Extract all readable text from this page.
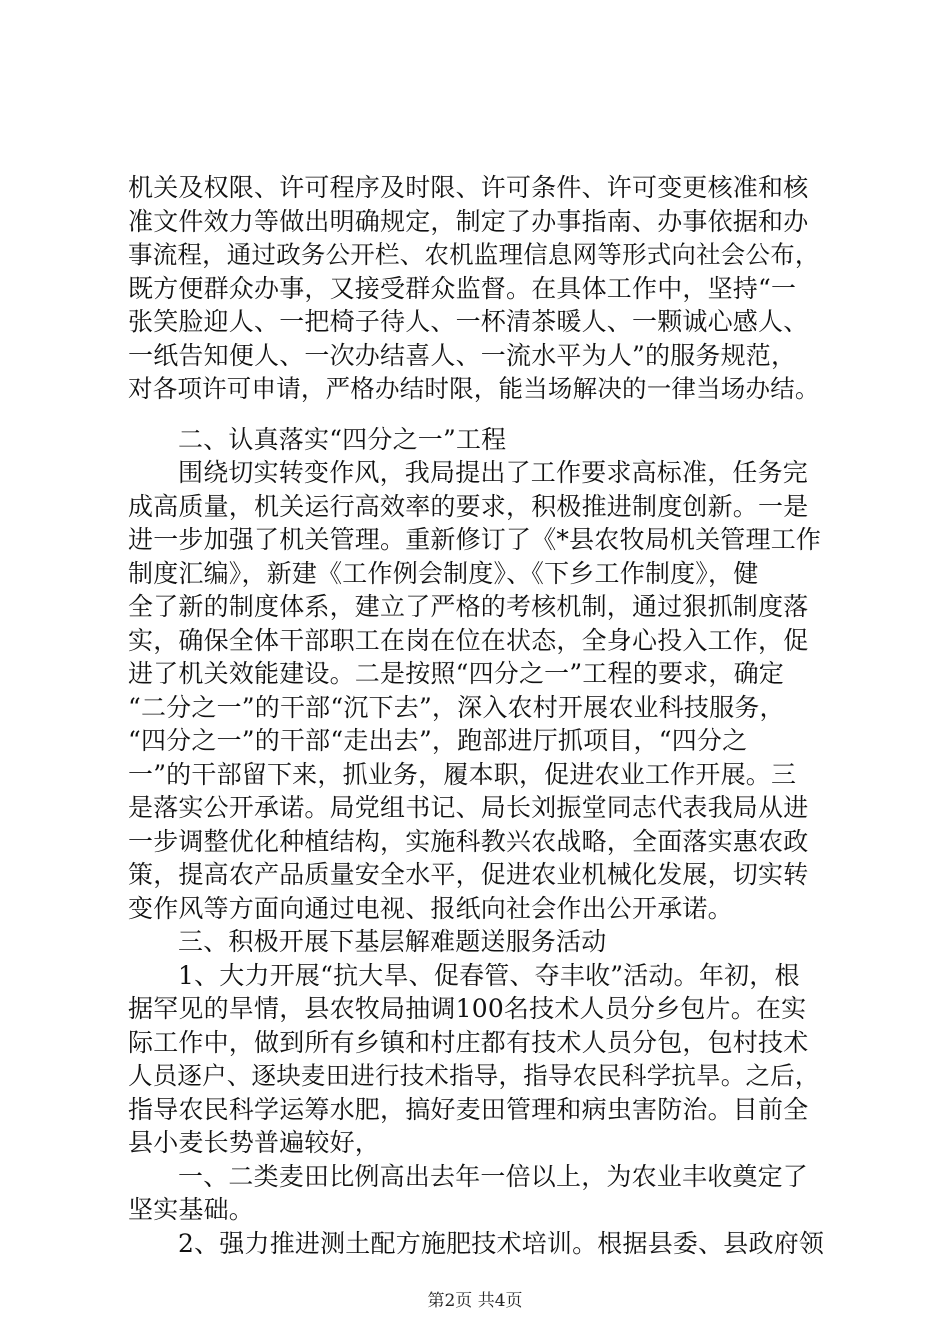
机关及权限、许可程序及时限、许可条件、许可变更核准和核
准文件效力等做出明确规定，制定了办事指南、办事依据和办
事流程，通过政务公开栏、农机监理信息网等形式向社会公布，
既方便群众办事，又接受群众监督。在具体工作中，坚持“一
张笑脸迎人、一把椅子待人、一杯清茶暖人、一颗诚心感人、
一纸告知便人、一次办结喜人、一流水平为人”的服务规范，
对各项许可申请，严格办结时限，能当场解决的一律当场办结。
二、认真落实“四分之一”工程
围绕切实转变作风，我局提出了工作要求高标准，任务完
成高质量，机关运行高效率的要求，积极推进制度创新。一是
进一步加强了机关管理。重新修订了《*县农牧局机关管理工作
制度汇编》，新建《工作例会制度》、《下乡工作制度》，健
全了新的制度体系，建立了严格的考核机制，通过狠抓制度落
实，确保全体干部职工在岗在位在状态，全身心投入工作，促
进了机关效能建设。二是按照“四分之一”工程的要求，确定
“二分之一”的干部“沉下去”，深入农村开展农业科技服务，
“四分之一”的干部“走出去”，跑部进厅抓项目，“四分之
一”的干部留下来，抓业务，履本职，促进农业工作开展。三
是落实公开承诺。局党组书记、局长刘振堂同志代表我局从进
一步调整优化种植结构，实施科教兴农战略，全面落实惠农政
策，提高农产品质量安全水平，促进农业机械化发展，切实转
变作风等方面向通过电视、报纸向社会作出公开承诺。
三、积极开展下基层解难题送服务活动
1、大力开展“抗大旱、促春管、夺丰收”活动。年初，根
据罕见的旱情，县农牧局抽调100名技术人员分乡包片。在实
际工作中，做到所有乡镇和村庄都有技术人员分包，包村技术
人员逐户、逐块麦田进行技术指导，指导农民科学抗旱。之后，
指导农民科学运筹水肥，搞好麦田管理和病虫害防治。目前全
县小麦长势普遍较好，
一、二类麦田比例高出去年一倍以上，为农业丰收奠定了
坚实基础。
2、强力推进测土配方施肥技术培训。根据县委、县政府领
第2页 共4页
